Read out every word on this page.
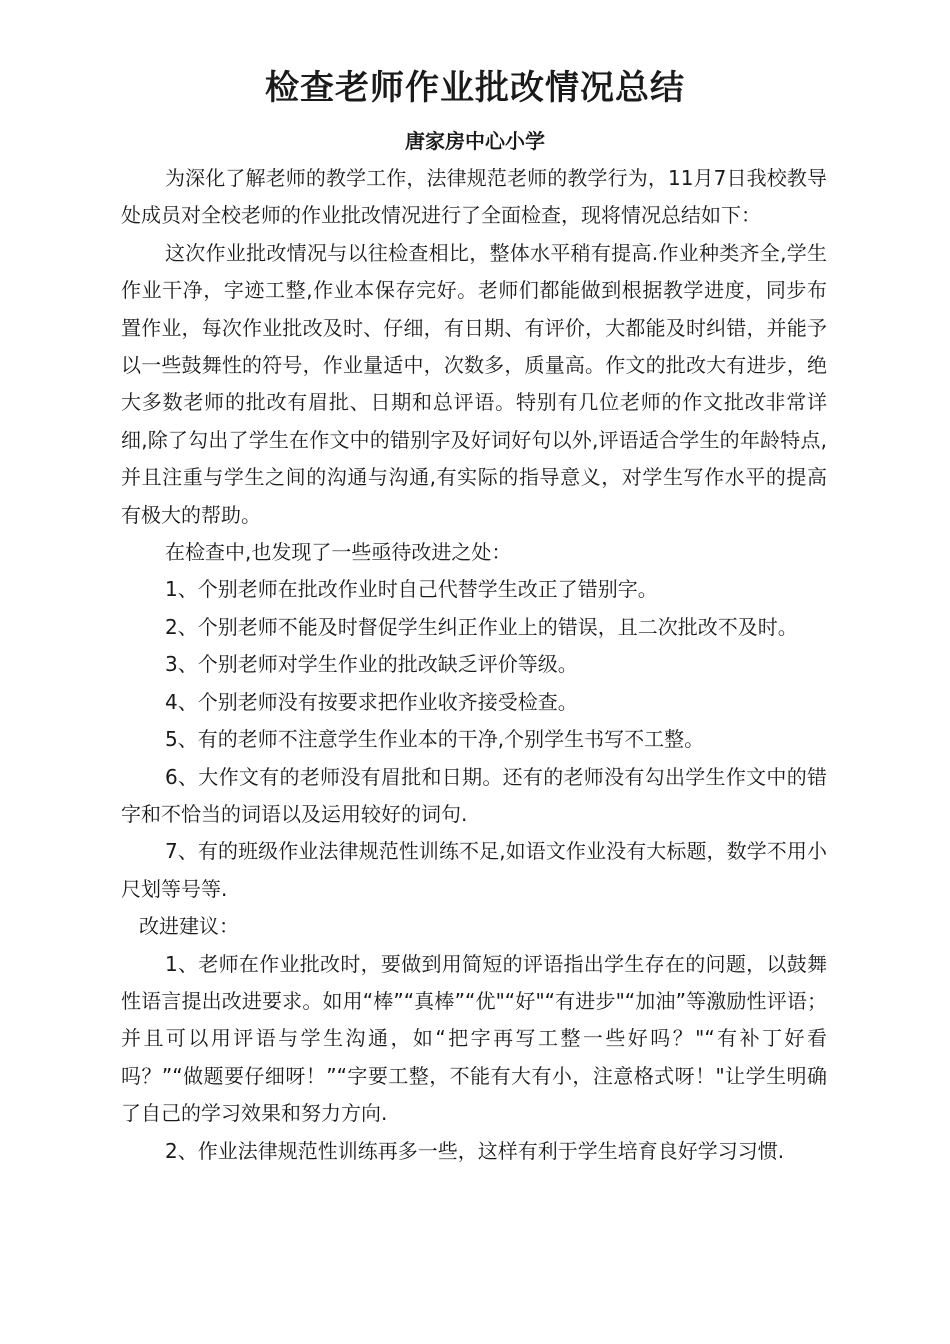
检查老师作业批改情况总结
唐家房中心小学

为深化了解老师的教学工作，法律规范老师的教学行为，11月7日我校教导处成员对全校老师的作业批改情况进行了全面检查，现将情况总结如下：

这次作业批改情况与以往检查相比，整体水平稍有提高.作业种类齐全,学生作业干净，字迹工整,作业本保存完好。老师们都能做到根据教学进度，同步布置作业，每次作业批改及时、仔细，有日期、有评价，大都能及时纠错，并能予以一些鼓舞性的符号，作业量适中，次数多，质量高。作文的批改大有进步，绝大多数老师的批改有眉批、日期和总评语。特别有几位老师的作文批改非常详细,除了勾出了学生在作文中的错别字及好词好句以外,评语适合学生的年龄特点,并且注重与学生之间的沟通与沟通,有实际的指导意义，对学生写作水平的提高有极大的帮助。

在检查中,也发现了一些亟待改进之处：

1、个别老师在批改作业时自己代替学生改正了错别字。

2、个别老师不能及时督促学生纠正作业上的错误，且二次批改不及时。

3、个别老师对学生作业的批改缺乏评价等级。

4、个别老师没有按要求把作业收齐接受检查。

5、有的老师不注意学生作业本的干净,个别学生书写不工整。

6、大作文有的老师没有眉批和日期。还有的老师没有勾出学生作文中的错字和不恰当的词语以及运用较好的词句.

7、有的班级作业法律规范性训练不足,如语文作业没有大标题，数学不用小尺划等号等.

改进建议：

1、老师在作业批改时，要做到用简短的评语指出学生存在的问题，以鼓舞性语言提出改进要求。如用“棒”“真棒”“优"“好"“有进步"“加油”等激励性评语；并且可以用评语与学生沟通，如“把字再写工整一些好吗？"“有补丁好看吗？”“做题要仔细呀！”“字要工整，不能有大有小，注意格式呀！"让学生明确了自己的学习效果和努力方向.

2、作业法律规范性训练再多一些，这样有利于学生培育良好学习习惯.
